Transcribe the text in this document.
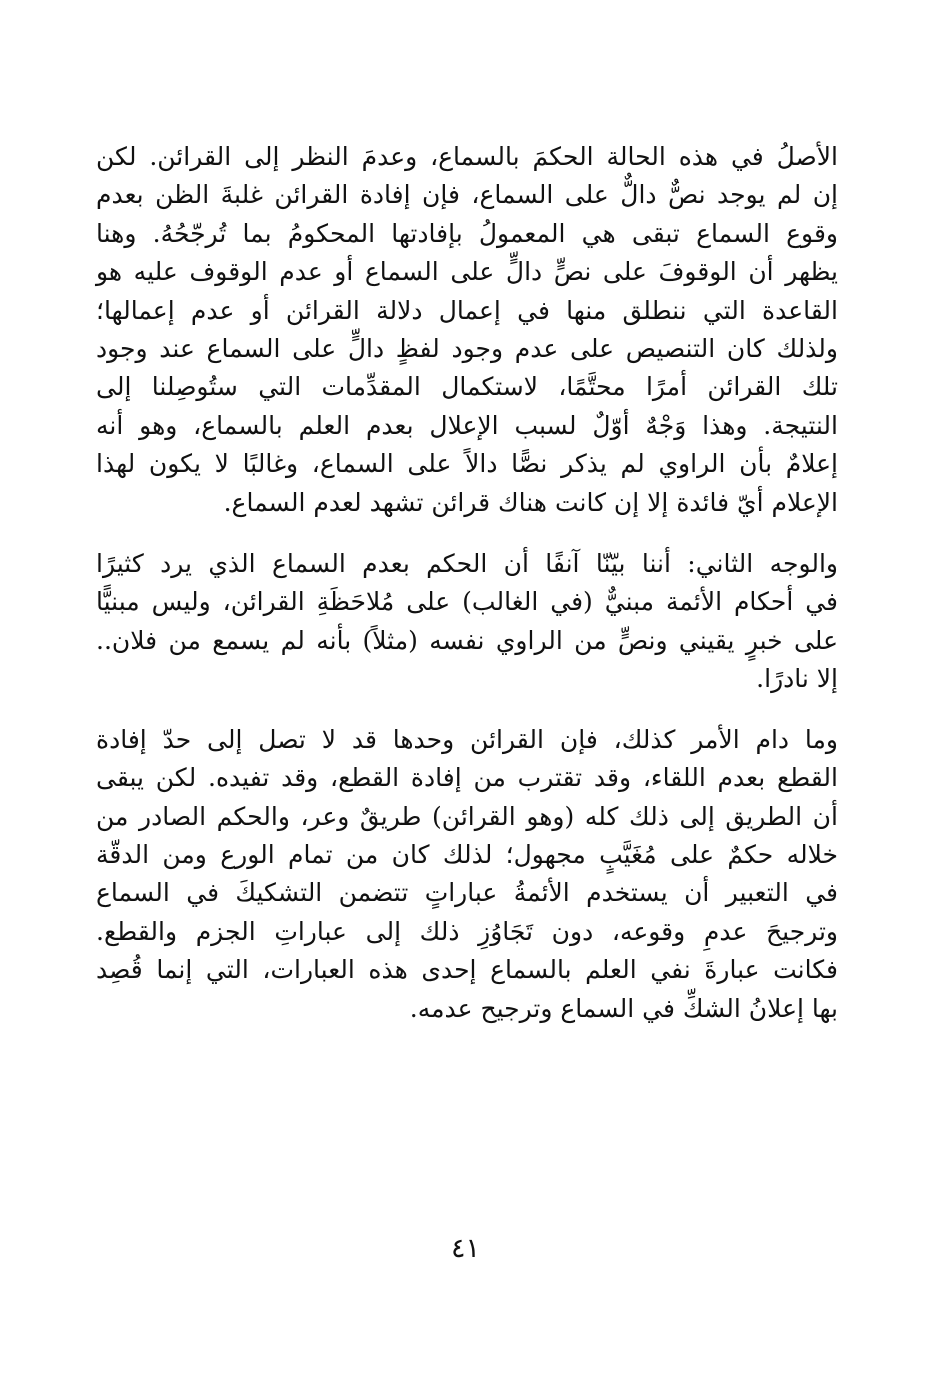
الأصلُ في هذه الحالة الحكمَ بالسماع، وعدمَ النظر إلى القرائن. لكن
إن لم يوجد نصٌّ دالٌّ على السماع، فإن إفادة القرائن غلبةَ الظن بعدم
وقوع السماع تبقى هي المعمولُ بإفادتها المحكومُ بما تُرجّحُهُ. وهنا
يظهر أن الوقوفَ على نصٍّ دالٍّ على السماع أو عدم الوقوف عليه هو
القاعدة التي ننطلق منها في إعمال دلالة القرائن أو عدم إعمالها؛
ولذلك كان التنصيص على عدم وجود لفظٍ دالٍّ على السماع عند وجود
تلك القرائن أمرًا محتَّمًا، لاستكمال المقدِّمات التي ستُوصِلنا إلى
النتيجة. وهذا وَجْهٌ أوّلٌ لسبب الإعلال بعدم العلم بالسماع، وهو أنه
إعلامٌ بأن الراوي لم يذكر نصًّا دالاً على السماع، وغالبًا لا يكون لهذا
الإعلام أيّ فائدة إلا إن كانت هناك قرائن تشهد لعدم السماع.
والوجه الثاني: أننا بيّنّا آنفًا أن الحكم بعدم السماع الذي يرد كثيرًا
في أحكام الأئمة مبنيٌّ (في الغالب) على مُلاحَظَةِ القرائن، وليس مبنيًّا
على خبرٍ يقيني ونصٍّ من الراوي نفسه (مثلاً) بأنه لم يسمع من فلان..
إلا نادرًا.
وما دام الأمر كذلك، فإن القرائن وحدها قد لا تصل إلى حدّ إفادة
القطع بعدم اللقاء، وقد تقترب من إفادة القطع، وقد تفيده. لكن يبقى
أن الطريق إلى ذلك كله (وهو القرائن) طريقٌ وعر، والحكم الصادر من
خلاله حكمٌ على مُغَيَّبٍ مجهول؛ لذلك كان من تمام الورع ومن الدقّة
في التعبير أن يستخدم الأئمةُ عباراتٍ تتضمن التشكيكَ في السماع
وترجيحَ عدمِ وقوعه، دون تَجَاوُزِ ذلك إلى عباراتِ الجزم والقطع.
فكانت عبارةَ نفي العلم بالسماع إحدى هذه العبارات، التي إنما قُصِد
بها إعلانُ الشكِّ في السماع وترجيح عدمه.
٤١
